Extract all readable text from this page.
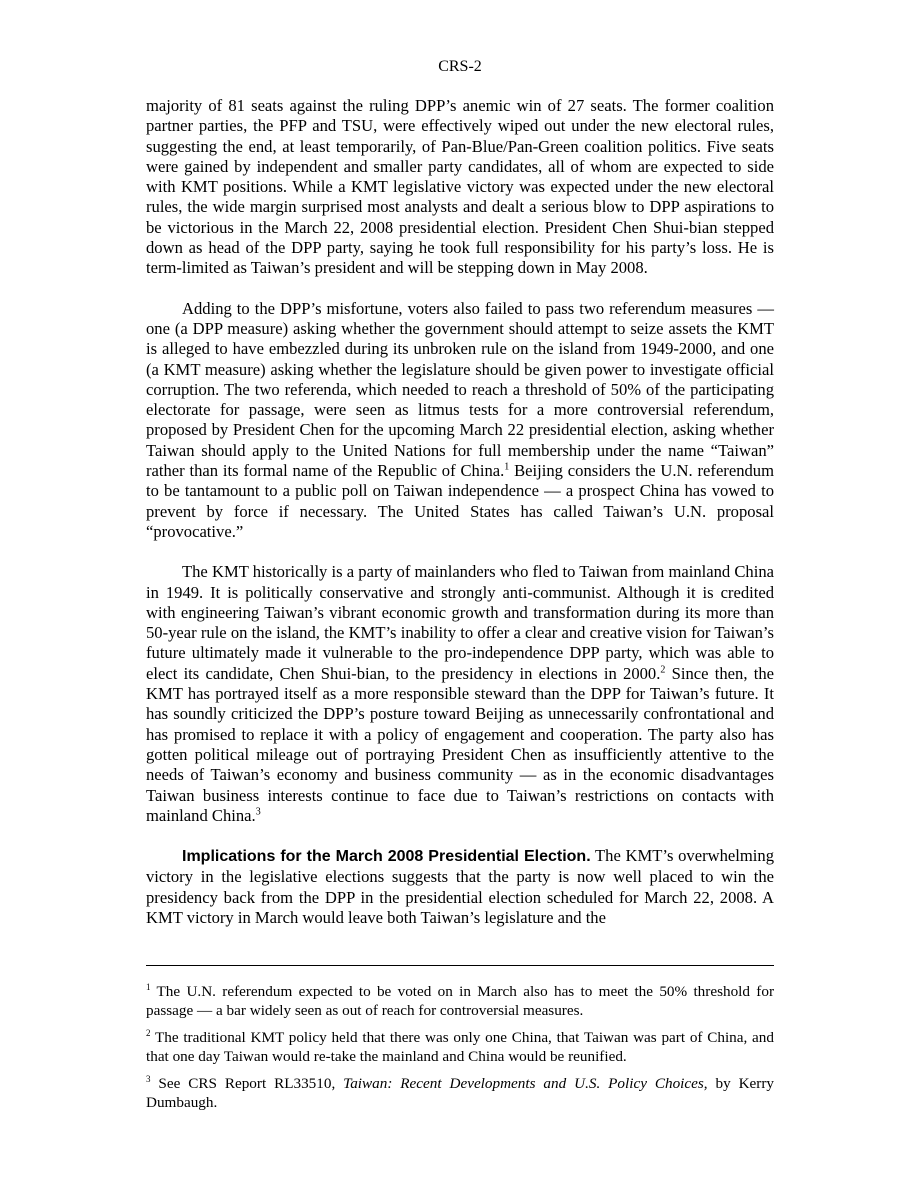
CRS-2

majority of 81 seats against the ruling DPP’s anemic win of 27 seats. The former coalition partner parties, the PFP and TSU, were effectively wiped out under the new electoral rules, suggesting the end, at least temporarily, of Pan-Blue/Pan-Green coalition politics. Five seats were gained by independent and smaller party candidates, all of whom are expected to side with KMT positions. While a KMT legislative victory was expected under the new electoral rules, the wide margin surprised most analysts and dealt a serious blow to DPP aspirations to be victorious in the March 22, 2008 presidential election. President Chen Shui-bian stepped down as head of the DPP party, saying he took full responsibility for his party’s loss. He is term-limited as Taiwan’s president and will be stepping down in May 2008.

Adding to the DPP’s misfortune, voters also failed to pass two referendum measures — one (a DPP measure) asking whether the government should attempt to seize assets the KMT is alleged to have embezzled during its unbroken rule on the island from 1949-2000, and one (a KMT measure) asking whether the legislature should be given power to investigate official corruption. The two referenda, which needed to reach a threshold of 50% of the participating electorate for passage, were seen as litmus tests for a more controversial referendum, proposed by President Chen for the upcoming March 22 presidential election, asking whether Taiwan should apply to the United Nations for full membership under the name “Taiwan” rather than its formal name of the Republic of China.$^1$ Beijing considers the U.N. referendum to be tantamount to a public poll on Taiwan independence — a prospect China has vowed to prevent by force if necessary. The United States has called Taiwan’s U.N. proposal “provocative.”

The KMT historically is a party of mainlanders who fled to Taiwan from mainland China in 1949. It is politically conservative and strongly anti-communist. Although it is credited with engineering Taiwan’s vibrant economic growth and transformation during its more than 50-year rule on the island, the KMT’s inability to offer a clear and creative vision for Taiwan’s future ultimately made it vulnerable to the pro-independence DPP party, which was able to elect its candidate, Chen Shui-bian, to the presidency in elections in 2000.$^2$ Since then, the KMT has portrayed itself as a more responsible steward than the DPP for Taiwan’s future. It has soundly criticized the DPP’s posture toward Beijing as unnecessarily confrontational and has promised to replace it with a policy of engagement and cooperation. The party also has gotten political mileage out of portraying President Chen as insufficiently attentive to the needs of Taiwan’s economy and business community — as in the economic disadvantages Taiwan business interests continue to face due to Taiwan’s restrictions on contacts with mainland China.$^3$

Implications for the March 2008 Presidential Election. The KMT’s overwhelming victory in the legislative elections suggests that the party is now well placed to win the presidency back from the DPP in the presidential election scheduled for March 22, 2008. A KMT victory in March would leave both Taiwan’s legislature and the

$^1$ The U.N. referendum expected to be voted on in March also has to meet the 50% threshold for passage — a bar widely seen as out of reach for controversial measures.

$^2$ The traditional KMT policy held that there was only one China, that Taiwan was part of China, and that one day Taiwan would re-take the mainland and China would be reunified.

$^3$ See CRS Report RL33510, Taiwan: Recent Developments and U.S. Policy Choices, by Kerry Dumbaugh.
